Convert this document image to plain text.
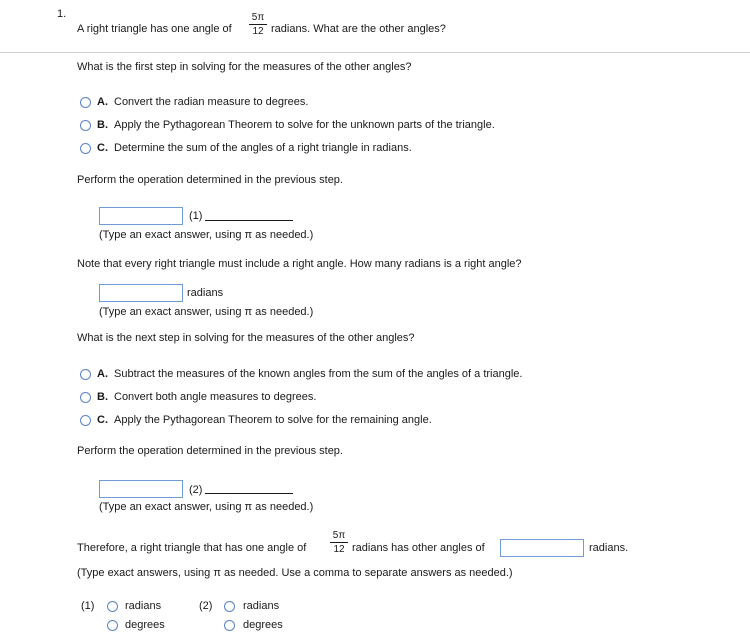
1.
A right triangle has one angle of
5π
12 radians. What are the other angles?
What is the first step in solving for the measures of the other angles?
A. Convert the radian measure to degrees.
B. Apply the Pythagorean Theorem to solve for the unknown parts of the triangle.
C. Determine the sum of the angles of a right triangle in radians.
Perform the operation determined in the previous step.
(1)
(Type an exact answer, using π as needed.)
Note that every right triangle must include a right angle. How many radians is a right angle?
radians
(Type an exact answer, using π as needed.)
What is the next step in solving for the measures of the other angles?
A. Subtract the measures of the known angles from the sum of the angles of a triangle.
B. Convert both angle measures to degrees.
C. Apply the Pythagorean Theorem to solve for the remaining angle.
Perform the operation determined in the previous step.
(2)
(Type an exact answer, using π as needed.)
Therefore, a right triangle that has one angle of
5π
12 radians has other angles of	radians.
(Type exact answers, using π as needed. Use a comma to separate answers as needed.)
(1)	radians
degrees
(2)	radians
degrees
